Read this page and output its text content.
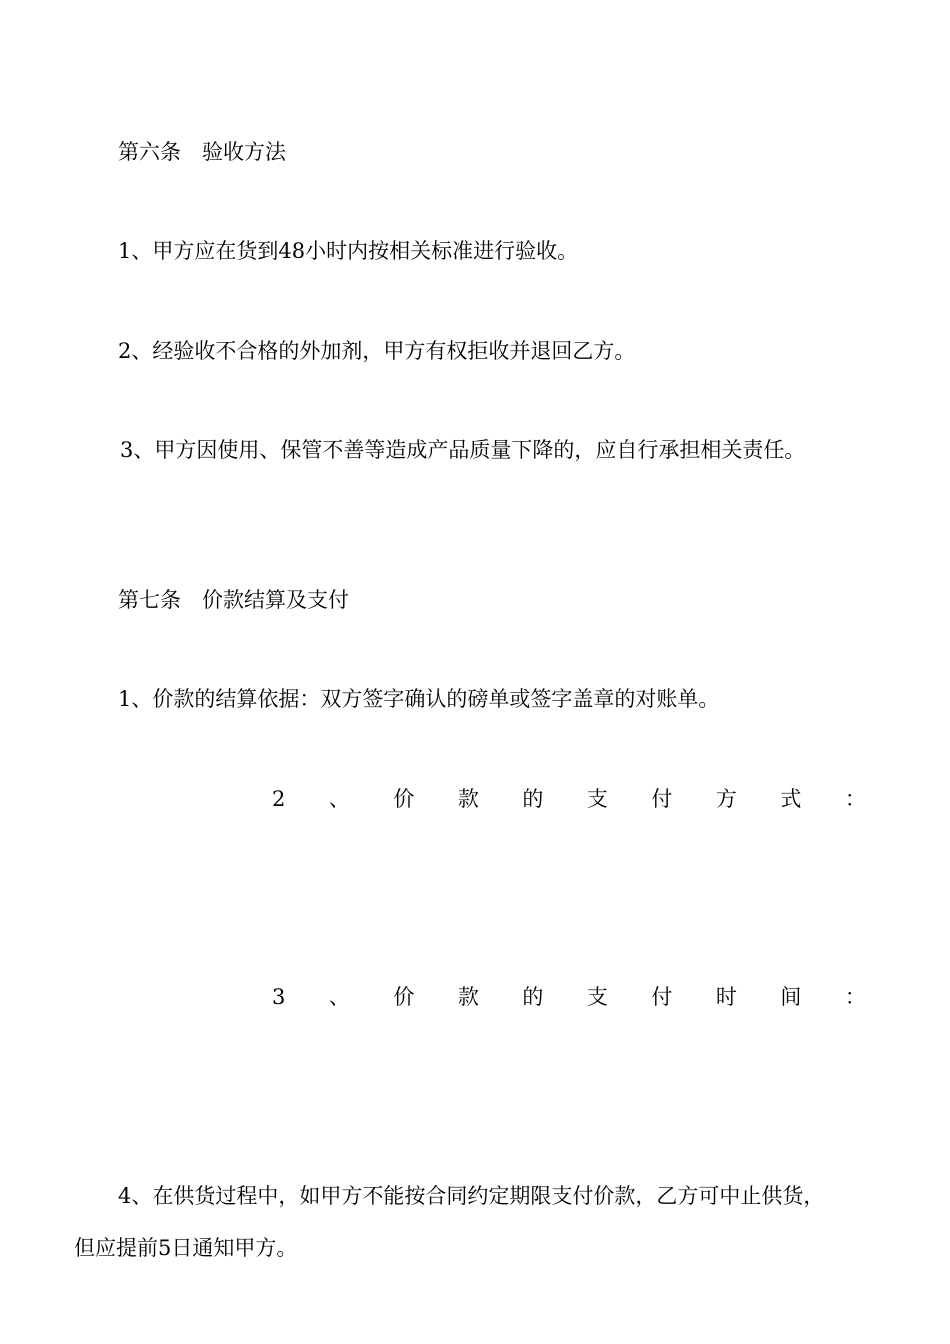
第六条　验收方法
1、甲方应在货到48小时内按相关标准进行验收。
2、经验收不合格的外加剂，甲方有权拒收并退回乙方。
3、甲方因使用、保管不善等造成产品质量下降的，应自行承担相关责任。
第七条　价款结算及支付
1、价款的结算依据：双方签字确认的磅单或签字盖章的对账单。
2 、 价 款 的 支 付 方 式 ：
3 、 价 款 的 支 付 时 间 ：
4、在供货过程中，如甲方不能按合同约定期限支付价款，乙方可中止供货，
但应提前5日通知甲方。
